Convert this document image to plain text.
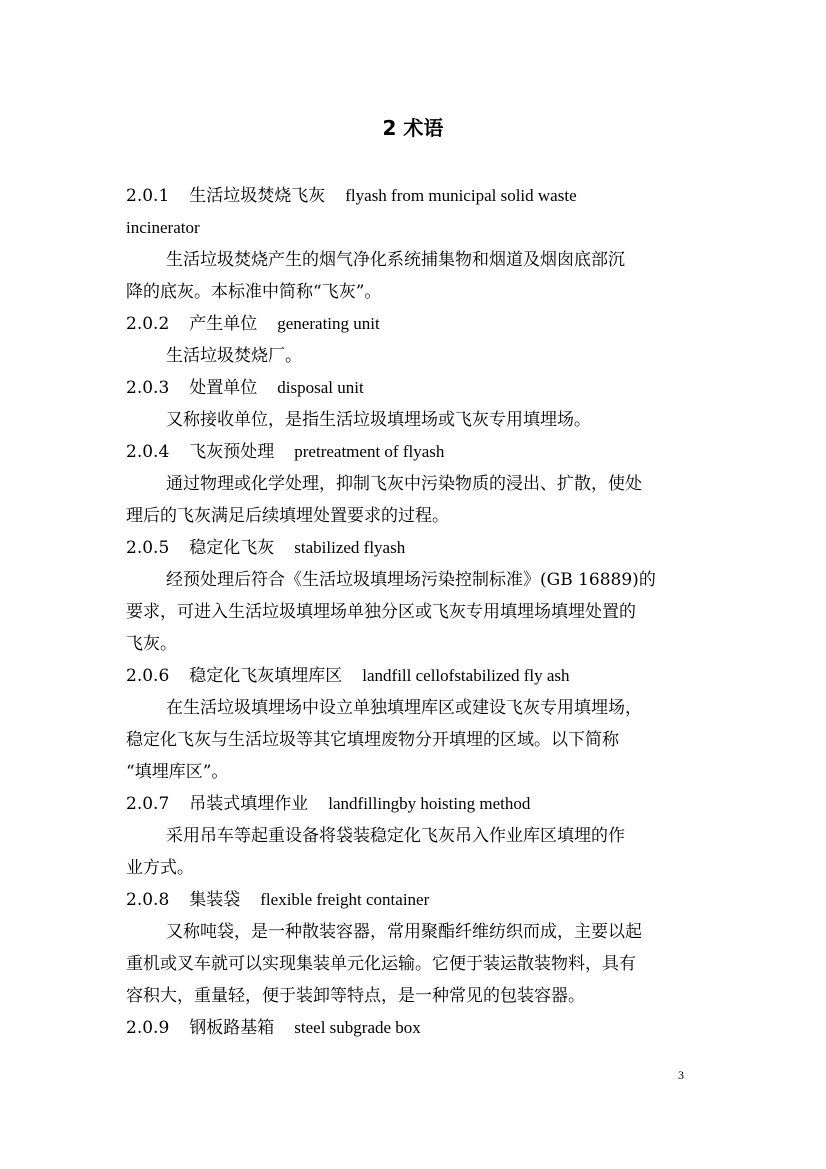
2 术语
2.0.1 生活垃圾焚烧飞灰 flyash from municipal solid waste
incinerator
生活垃圾焚烧产生的烟气净化系统捕集物和烟道及烟囱底部沉
降的底灰。本标准中简称“飞灰”。
2.0.2 产生单位 generating unit
生活垃圾焚烧厂。
2.0.3 处置单位 disposal unit
又称接收单位，是指生活垃圾填埋场或飞灰专用填埋场。
2.0.4 飞灰预处理 pretreatment of flyash
通过物理或化学处理，抑制飞灰中污染物质的浸出、扩散，使处
理后的飞灰满足后续填埋处置要求的过程。
2.0.5 稳定化飞灰 stabilized flyash
经预处理后符合《生活垃圾填埋场污染控制标准》(GB 16889)的
要求，可进入生活垃圾填埋场单独分区或飞灰专用填埋场填埋处置的
飞灰。
2.0.6 稳定化飞灰填埋库区 landfill cellofstabilized fly ash
在生活垃圾填埋场中设立单独填埋库区或建设飞灰专用填埋场，
稳定化飞灰与生活垃圾等其它填埋废物分开填埋的区域。以下简称
“填埋库区”。
2.0.7 吊装式填埋作业 landfillingby hoisting method
采用吊车等起重设备将袋装稳定化飞灰吊入作业库区填埋的作
业方式。
2.0.8 集装袋 flexible freight container
又称吨袋，是一种散装容器，常用聚酯纤维纺织而成，主要以起
重机或叉车就可以实现集装单元化运输。它便于装运散装物料，具有
容积大，重量轻，便于装卸等特点，是一种常见的包装容器。
2.0.9 钢板路基箱 steel subgrade box
3
